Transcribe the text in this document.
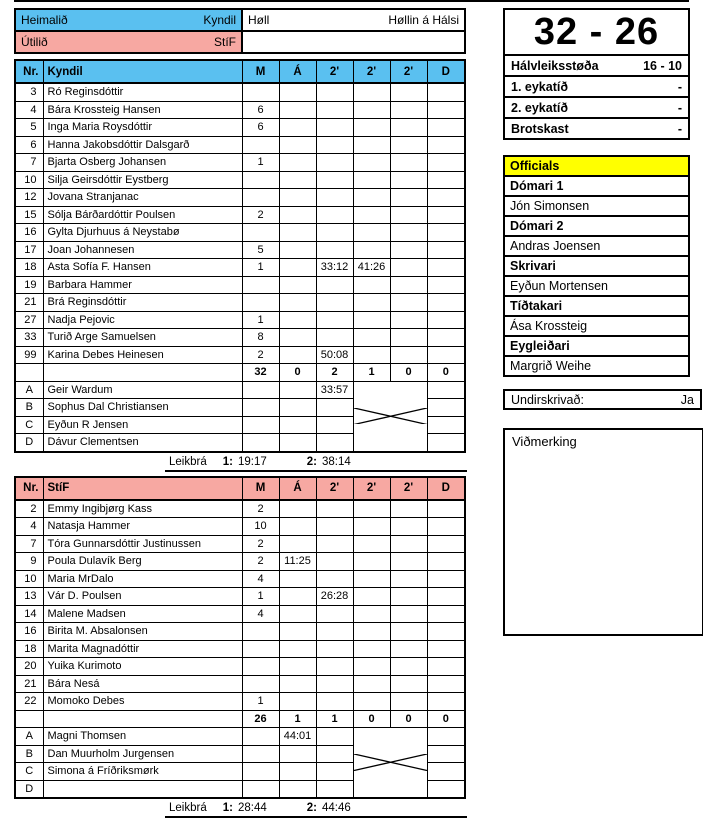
Heimalið Kyndil	Høll Høllin á Hálsi

Útilið StíF	

Nr.	Kyndil	M	Á	2'	2'	2'	D
3	Ró Reginsdóttir						
4	Bára Krossteig Hansen	6					
5	Inga Maria Roysdóttir	6					
6	Hanna Jakobsdóttir Dalsgarð						
7	Bjarta Osberg Johansen	1					
10	Silja Geirsdóttir Eystberg						
12	Jovana Stranjanac						
15	Sólja Bárðardóttir Poulsen	2					
16	Gylta Djurhuus á Neystabø						
17	Joan Johannesen	5					
18	Asta Sofía F. Hansen	1		33:12	41:26		
19	Barbara Hammer						
21	Brá Reginsdóttir						
27	Nadja Pejovic	1					
33	Turið Arge Samuelsen	8					
99	Karina Debes Heinesen	2		50:08			
		32	0	2	1	0	0
A	Geir Wardum			33:57	

B	Sophus Dal Christiansen						
C	Eyðun R Jensen						
D	Dávur Clementsen						
Leikbrá 1: 19:17	2: 38:14
Nr.	StíF	M	Á	2'	2'	2'	D
2	Emmy Ingibjørg Kass	2					
4	Natasja Hammer	10					
7	Tóra Gunnarsdóttir Justinussen	2					
9	Poula Dulavík Berg	2	11:25				
10	Maria MrDalo	4					
13	Vár D. Poulsen	1		26:28			
14	Malene Madsen	4					
16	Birita M. Absalonsen						
18	Marita Magnadóttir						
20	Yuika Kurimoto						
21	Bára Nesá						
22	Momoko Debes	1					
		26	1	1	0	0	0
A	Magni Thomsen		44:01		

B	Dan Muurholm Jurgensen						
C	Simona á Fríðriksmørk						
D							
Leikbrá 1: 28:44	2: 44:46
32 - 26
Hálvleiksstøða	16 - 10
1. eykatíð	-
2. eykatíð	-
Brotskast	-
Officials
Dómari 1
Jón Simonsen
Dómari 2
Andras Joensen
Skrivari
Eyðun Mortensen
Tíðtakari
Ása Krossteig
Eygleiðari
Margrið Weihe
Undirskrivað:	Ja
Viðmerking
